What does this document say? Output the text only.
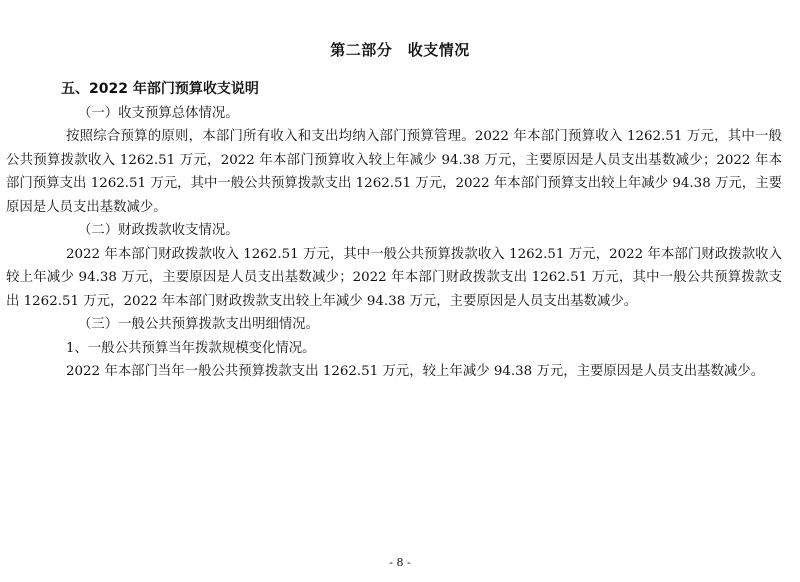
第二部分　收支情况

五、2022 年部门预算收支说明

（一）收支预算总体情况。

按照综合预算的原则，本部门所有收入和支出均纳入部门预算管理。2022 年本部门预算收入 1262.51 万元，其中一般公共预算拨款收入 1262.51 万元，2022 年本部门预算收入较上年减少 94.38 万元，主要原因是人员支出基数减少；2022 年本部门预算支出 1262.51 万元，其中一般公共预算拨款支出 1262.51 万元，2022 年本部门预算支出较上年减少 94.38 万元，主要原因是人员支出基数减少。

（二）财政拨款收支情况。

2022 年本部门财政拨款收入 1262.51 万元，其中一般公共预算拨款收入 1262.51 万元，2022 年本部门财政拨款收入较上年减少 94.38 万元，主要原因是人员支出基数减少；2022 年本部门财政拨款支出 1262.51 万元，其中一般公共预算拨款支出 1262.51 万元，2022 年本部门财政拨款支出较上年减少 94.38 万元，主要原因是人员支出基数减少。

（三）一般公共预算拨款支出明细情况。

1、一般公共预算当年拨款规模变化情况。

2022 年本部门当年一般公共预算拨款支出 1262.51 万元，较上年减少 94.38 万元，主要原因是人员支出基数减少。

- 8 -
